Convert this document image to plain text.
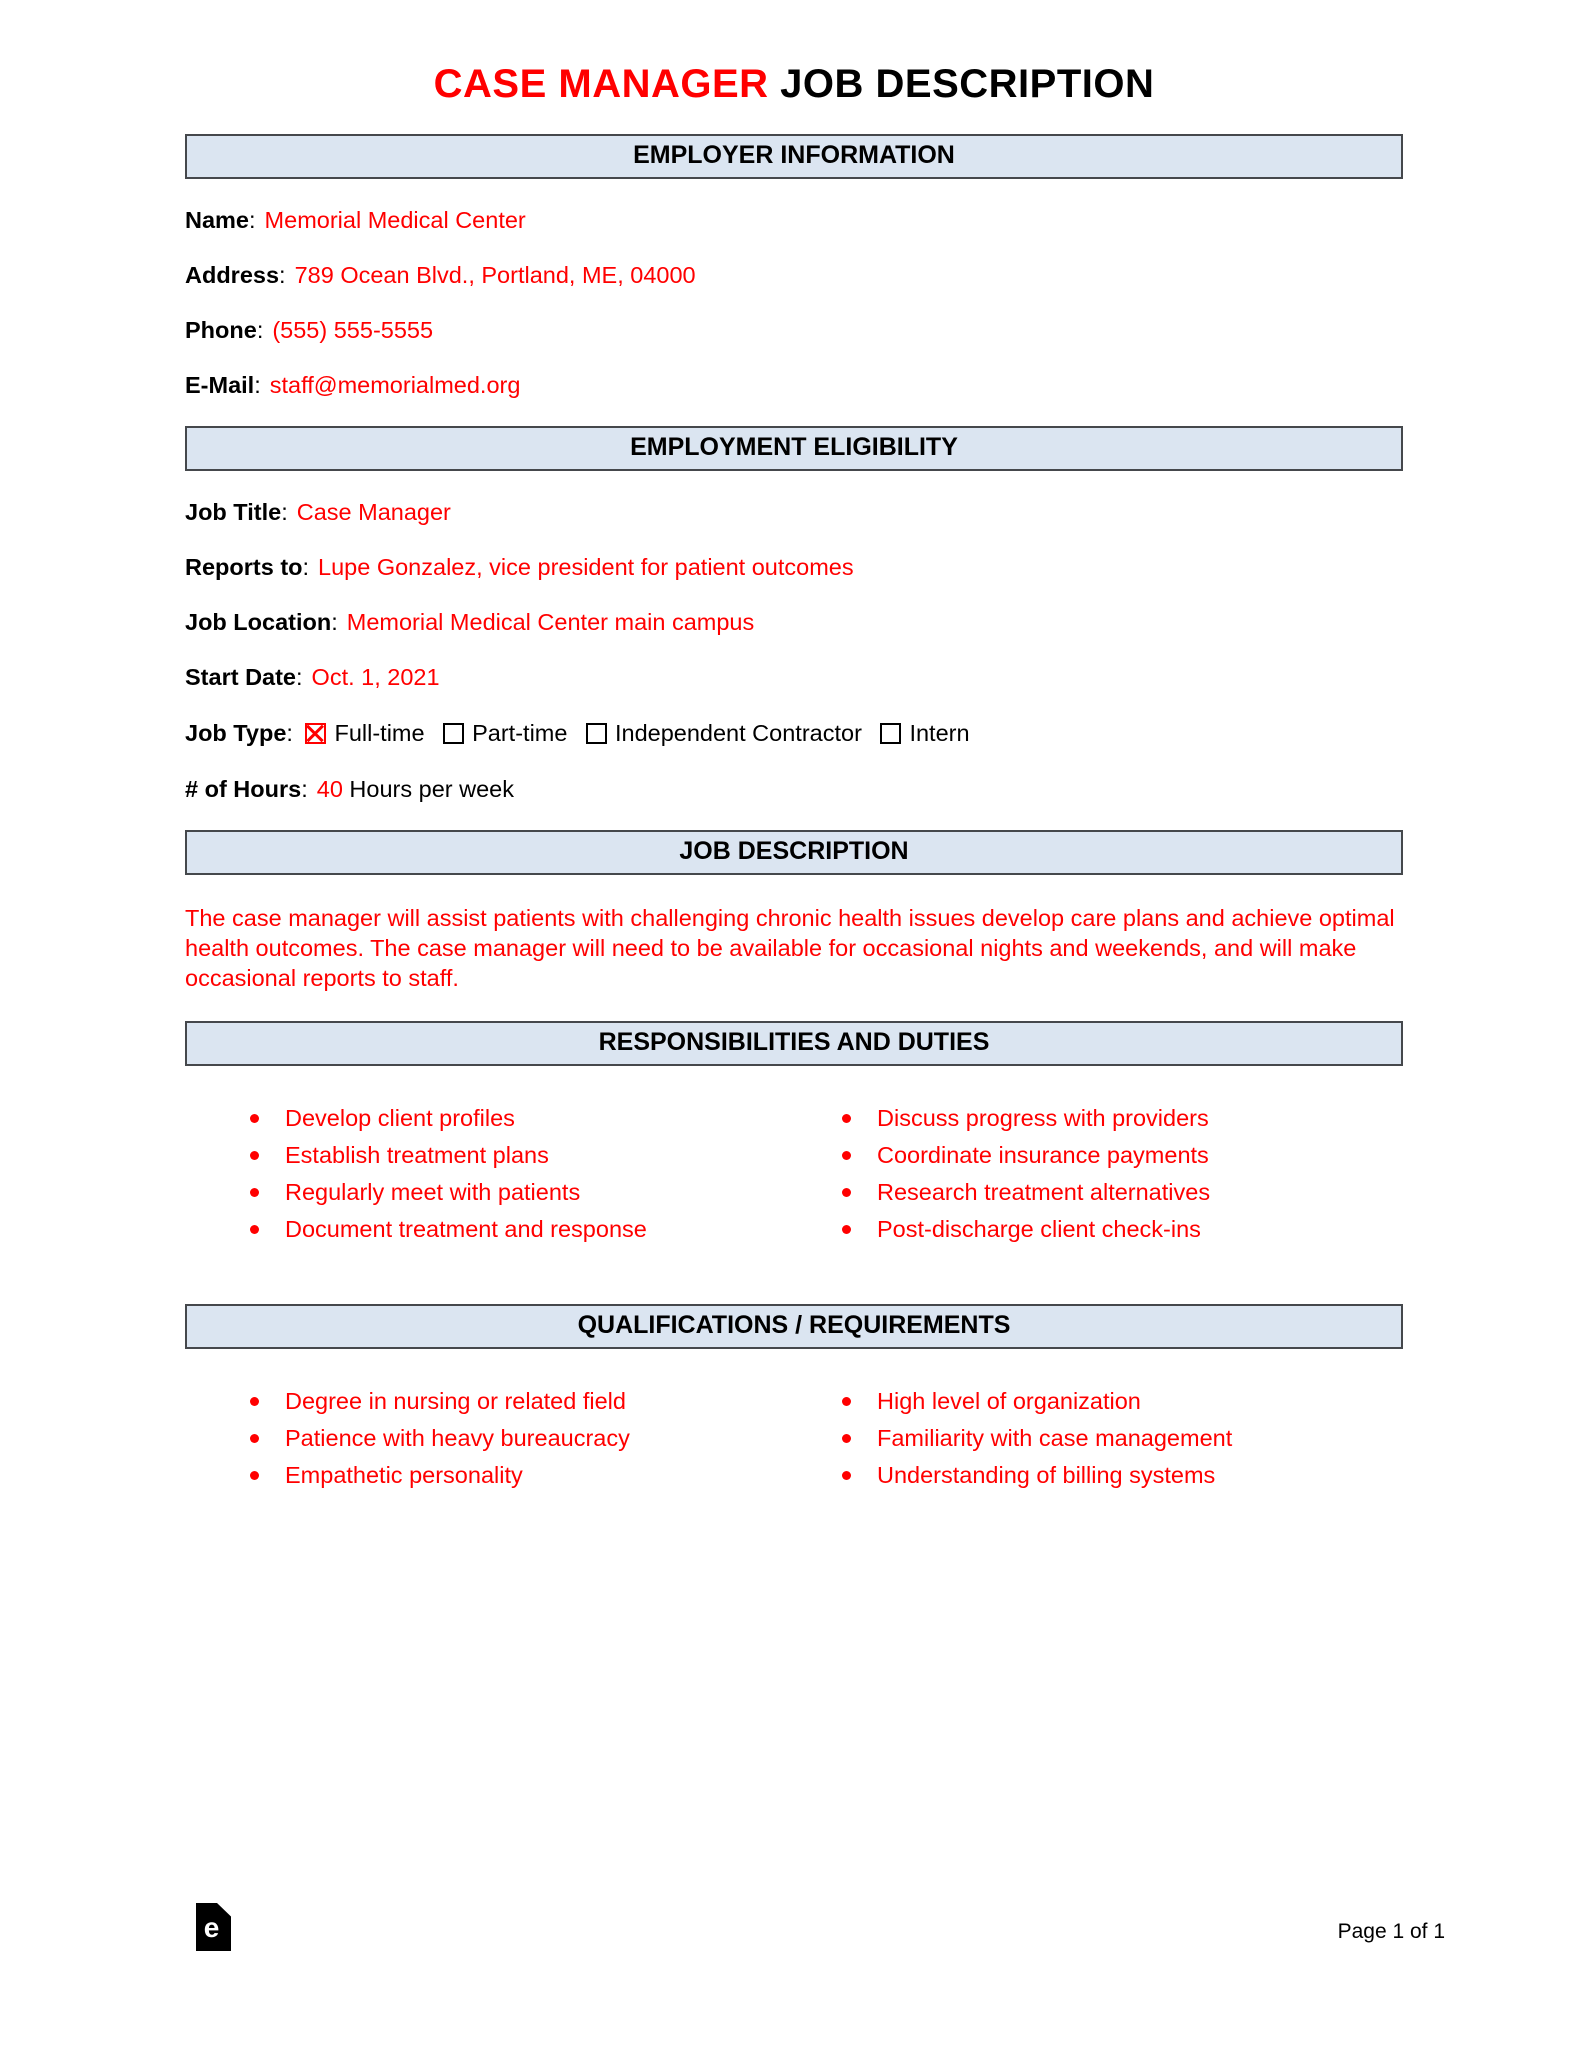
CASE MANAGER JOB DESCRIPTION
EMPLOYER INFORMATION

Name: Memorial Medical Center

Address: 789 Ocean Blvd., Portland, ME, 04000

Phone: (555) 555-5555

E-Mail: staff@memorialmed.org

EMPLOYMENT ELIGIBILITY

Job Title: Case Manager

Reports to: Lupe Gonzalez, vice president for patient outcomes

Job Location: Memorial Medical Center main campus

Start Date: Oct. 1, 2021

Job Type: Full-time Part-time Independent Contractor Intern

# of Hours: 40 Hours per week

JOB DESCRIPTION

The case manager will assist patients with challenging chronic health issues develop care plans and achieve optimal health outcomes. The case manager will need to be available for occasional nights and weekends, and will make occasional reports to staff.

RESPONSIBILITIES AND DUTIES
Develop client profiles
Establish treatment plans
Regularly meet with patients
Document treatment and response
Discuss progress with providers
Coordinate insurance payments
Research treatment alternatives
Post-discharge client check-ins
QUALIFICATIONS / REQUIREMENTS
Degree in nursing or related field
Patience with heavy bureaucracy
Empathetic personality
High level of organization
Familiarity with case management
Understanding of billing systems
e	Page 1 of 1
